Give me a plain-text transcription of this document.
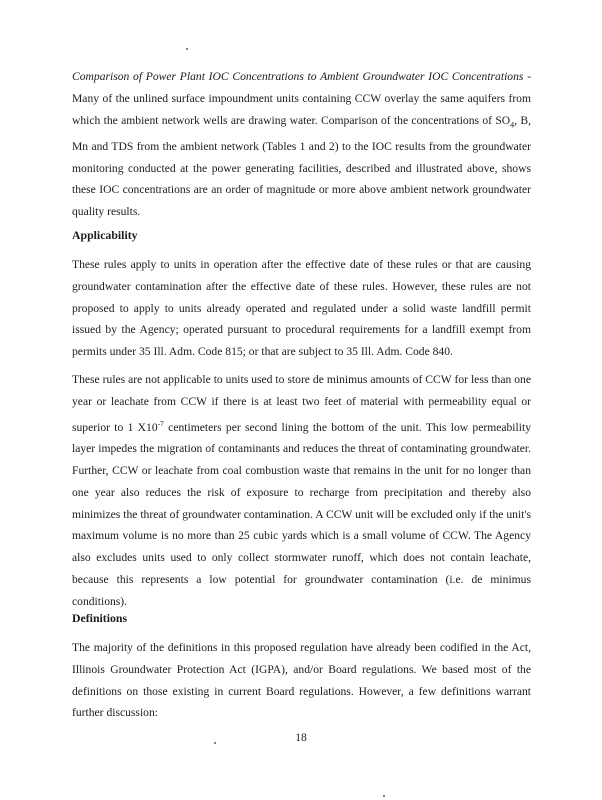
Comparison of Power Plant IOC Concentrations to Ambient Groundwater IOC Concentrations - Many of the unlined surface impoundment units containing CCW overlay the same aquifers from which the ambient network wells are drawing water. Comparison of the concentrations of $SO_4$, B, Mn and TDS from the ambient network (Tables 1 and 2) to the IOC results from the groundwater monitoring conducted at the power generating facilities, described and illustrated above, shows these IOC concentrations are an order of magnitude or more above ambient network groundwater quality results.

Applicability

These rules apply to units in operation after the effective date of these rules or that are causing groundwater contamination after the effective date of these rules. However, these rules are not proposed to apply to units already operated and regulated under a solid waste landfill permit issued by the Agency; operated pursuant to procedural requirements for a landfill exempt from permits under 35 Ill. Adm. Code 815; or that are subject to 35 Ill. Adm. Code 840.

These rules are not applicable to units used to store de minimus amounts of CCW for less than one year or leachate from CCW if there is at least two feet of material with permeability equal or superior to 1 $X10^{-7}$ centimeters per second lining the bottom of the unit. This low permeability layer impedes the migration of contaminants and reduces the threat of contaminating groundwater. Further, CCW or leachate from coal combustion waste that remains in the unit for no longer than one year also reduces the risk of exposure to recharge from precipitation and thereby also minimizes the threat of groundwater contamination. A CCW unit will be excluded only if the unit's maximum volume is no more than 25 cubic yards which is a small volume of CCW. The Agency also excludes units used to only collect stormwater runoff, which does not contain leachate, because this represents a low potential for groundwater contamination (i.e. de minimus conditions).

Definitions

The majority of the definitions in this proposed regulation have already been codified in the Act, Illinois Groundwater Protection Act (IGPA), and/or Board regulations. We based most of the definitions on those existing in current Board regulations. However, a few definitions warrant further discussion:

18
